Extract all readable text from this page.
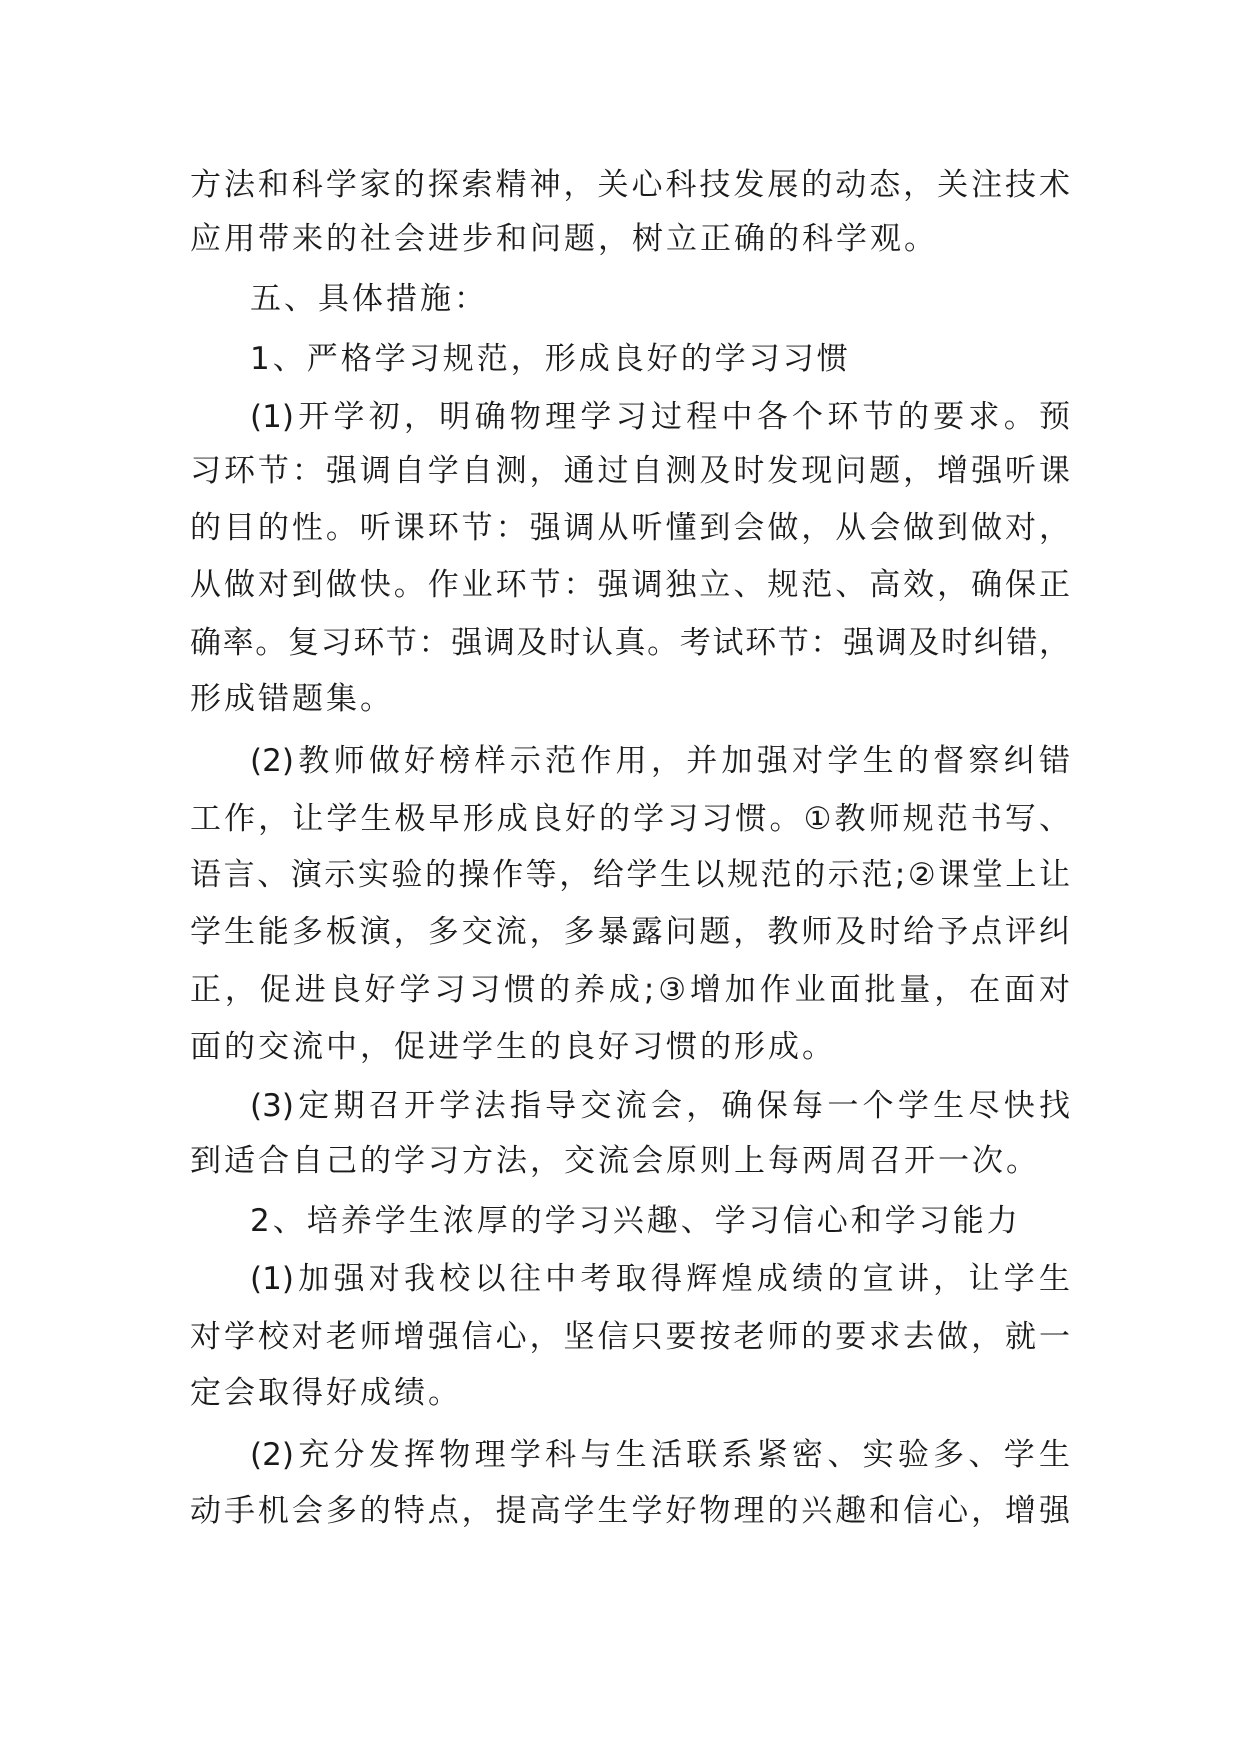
方法和科学家的探索精神，关心科技发展的动态，关注技术
应用带来的社会进步和问题，树立正确的科学观。
五、具体措施：
1、严格学习规范，形成良好的学习习惯
(1)开学初，明确物理学习过程中各个环节的要求。预
习环节：强调自学自测，通过自测及时发现问题，增强听课
的目的性。听课环节：强调从听懂到会做，从会做到做对，
从做对到做快。作业环节：强调独立、规范、高效，确保正
确率。复习环节：强调及时认真。考试环节：强调及时纠错，
形成错题集。
(2)教师做好榜样示范作用，并加强对学生的督察纠错
工作，让学生极早形成良好的学习习惯。①教师规范书写、
语言、演示实验的操作等，给学生以规范的示范;②课堂上让
学生能多板演，多交流，多暴露问题，教师及时给予点评纠
正，促进良好学习习惯的养成;③增加作业面批量，在面对
面的交流中，促进学生的良好习惯的形成。
(3)定期召开学法指导交流会，确保每一个学生尽快找
到适合自己的学习方法，交流会原则上每两周召开一次。
2、培养学生浓厚的学习兴趣、学习信心和学习能力
(1)加强对我校以往中考取得辉煌成绩的宣讲，让学生
对学校对老师增强信心，坚信只要按老师的要求去做，就一
定会取得好成绩。
(2)充分发挥物理学科与生活联系紧密、实验多、学生
动手机会多的特点，提高学生学好物理的兴趣和信心，增强
